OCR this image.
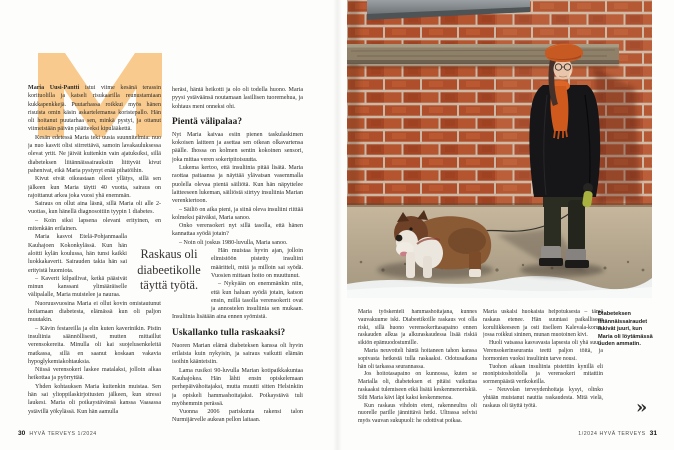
Maria Uusi-Pantti istui viime kesänä terassin korituolilla ja katseli risukaarilla reunustamiaan kukkapenkkejä. Puutarhassa roikkui myös hänen risuista omin käsin askartelemansa koristepallo. Hän oli hoitanut puutarhaa sen, minkä pystyi, ja ottanut viimeistään päivän päätteeksi kipulääkettä.

Kesän edetessä Maria teki uusia suunnitelmia: nuo ja nuo kasvit olisi siirrettävä, samoin lavakauluksessa olevat yrtit. Ne jäivät kuitenkin vain ajatuksiksi, sillä diabeteksen liitännäissairauksiin liittyvät kivut pahenivat, eikä Maria pystynyt enää pihatöihin.

Kivut eivät oikeastaan olleet yllätys, sillä sen jälkeen kun Maria täytti 40 vuotta, sairaus on rajoittanut arkea joka vuosi yhä enemmän.

Sairaus on ollut aina läsnä, sillä Maria oli alle 2-vuotias, kun hänellä diagnosoitiin tyypin 1 diabetes.

– Koin siksi lapsena olevani erityinen, en mitenkään erilainen.

Maria kasvoi Etelä-Pohjanmaalla Kauhajoen Kokonkylässä. Kun hän aloitti kylän koulussa, hän tunsi kaikki luokkakaverit. Sairauden takia hän sai erityistä huomiota.

– Kaverit kilpailivat, ketkä pääsivät minun kanssani ylimääräiselle välipalalle, Maria muistelee ja nauraa.

Nuoruusvuosina Maria ei ollut kovin omistautunut hoitamaan diabetesta, elämässä kun oli paljon muutakin.

– Kävin festareilla ja elin kuten kaverinikin. Pistin insuliinia säännöllisesti, mutten mittaillut verensokereita. Minulla oli kai suojelusenkeleitä matkassa, sillä en saanut koskaan vakavia hypoglykemiakohtauksia.

Niissä verensokeri laskee matalaksi, jolloin alkaa heikottaa ja pyörryttää.

Yhden kohtauksen Maria kuitenkin muistaa. Sen hän sai ylioppilaskirjoitusten jälkeen, kun stressi laukesi. Maria oli poikaystävänsä kanssa Vaasassa ystävillä yökylässä. Kun hän aamulla

Raskaus oli diabeetikolle täyttä työtä.

heräsi, häntä heikotti ja olo oli todella huono. Maria pyysi ystäväänsä noutamaan lasillisen tuoremehua, ja kohtaus meni onneksi ohi.

Pientä välipalaa?

Nyt Maria kaivaa esiin pienen taskulaskimen kokoisen laitteen ja asettaa sen oikean olkavartensa päälle. Ihossa on kolmen sentin kokoinen sensori, joka mittaa veren sokeripitoisuutta.

Lukema kertoo, että insuliinia pitää lisätä. Maria raottaa paitaansa ja näyttää ylävatsan vasemmalla puolella olevaa pientä säiliötä. Kun hän näpyttelee laitteeseen lukeman, säiliöstä siirtyy insuliinia Marian verenkiertoon.

– Säiliö on aika pieni, ja siinä oleva insuliini riittää kolmeksi päiväksi, Maria sanoo.

Onko verensokeri nyt sillä tasolla, että hänen kannattaa syödä jotain?

– Noin oli joskus 1980-luvulla, Maria sanoo.

Hän muistaa hyvin ajan, jolloin elimistöön pistetty insuliini määritteli, mitä ja milloin sai syödä. Vuosien mittaan hoito on muuttunut.

– Nykyään on enemmänkin niin, että kun haluan syödä jotain, katson ensin, millä tasolla verensokerit ovat ja annostelen insuliinia sen mukaan. Insuliinia lisätään aina ennen syömistä.

Uskallanko tulla raskaaksi?

Nuoren Marian elämä diabeteksen kanssa oli hyvin erilaista kuin nykyisin, ja sairaus vaikutti elämän isoihin käänteisiin.

Lama rusikoi 90-luvulla Marian kotipaikkakuntaa Kauhajokea. Hän lähti ensin opiskelemaan perhepäivähoitajaksi, mutta muutti sitten Helsinkiin ja opiskeli hammashoitajaksi. Poikaystävä tuli myöhemmin perässä.

Vuonna 2006 pariskunta rakensi talon Nurmijärvelle aukean pellon laitaan.

30 HYVÄ TERVEYS 1/2024

Maria työskenteli hammashoitajana, kunnes vauvakuume iski. Diabeetikoille raskaus voi olla riski, sillä huono verensokeritasapaino ennen raskauden alkua ja alkuraskaudessa lisää riskiä sikiön epämuodostumille.

Maria neuvotteli häntä hoitaneen tahon kanssa sopivasta hetkestä tulla raskaaksi. Odotusaikana hän oli tarkassa seurannassa.

Jos hoitotasapaino on kunnossa, kuten se Marialla oli, diabeteksen ei pitäisi vaikuttaa raskaaksi tulemiseen eikä lisätä keskenmenoriskiä. Silti Maria kävi läpi kaksi keskenmenoa.

Kun raskaus vihdoin eteni, rakenneultra oli nuorelle parille jännittävä hetki. Ultrassa selvisi myös vauvan sukupuoli: he odottivat poikaa.

Maria uskalsi huokaista helpotuksesta – tämä raskaus etenee. Hän suuntasi paikalliseen koruliikkeeseen ja osti itselleen Kalevala-korun, jossa roikkui sininen, munan muotoinen kivi.

Huoli vatsassa kasvavasta lapsesta oli yhä suuri. Verensokerinseuranta teetti paljon töitä, ja hormonien vuoksi insuliinin tarve nousi.

Tuohon aikaan insuliinia pistettiin kynillä eli monipistoshoidolla ja verensokeri mitattiin sormenpäästä verikokeilla.

– Neuvolan terveydenhoitaja kysyi, olinko yhtään muistanut nauttia raskaudesta. Mitä vielä, raskaus oli täyttä työtä.

Diabeteksen liitännäissairaudet iskivät juuri, kun Maria oli löytämässä uuden ammatin.
»
1/2024 HYVÄ TERVEYS 31
